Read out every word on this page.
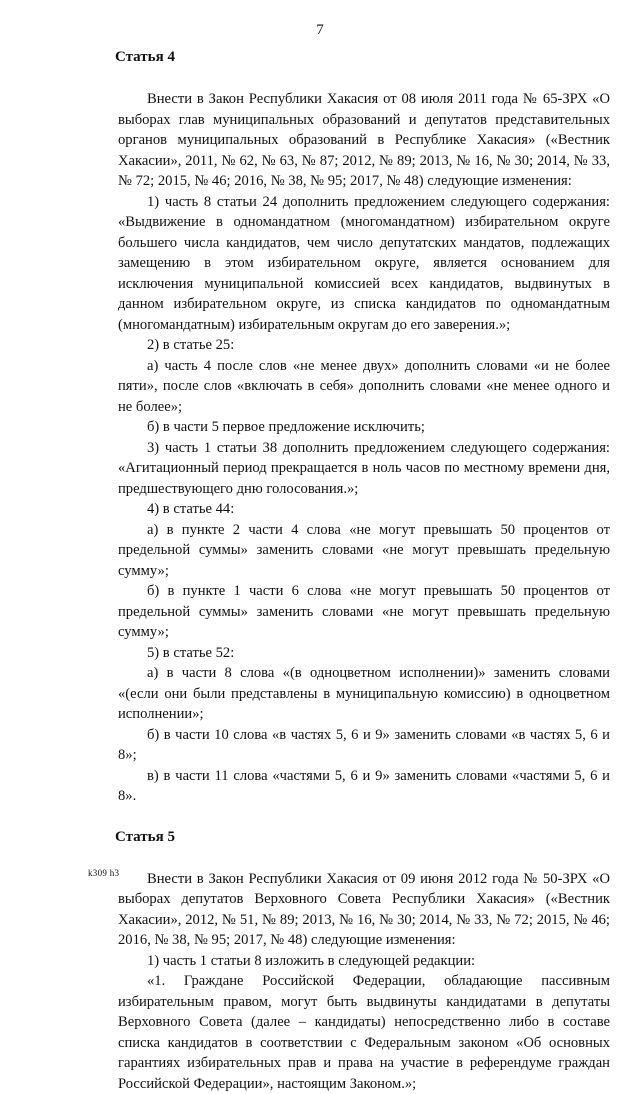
7
Статья 4

Внести в Закон Республики Хакасия от 08 июля 2011 года № 65-ЗРХ «О выборах глав муниципальных образований и депутатов представительных органов муниципальных образований в Республике Хакасия» («Вестник Хакасии», 2011, № 62, № 63, № 87; 2012, № 89; 2013, № 16, № 30; 2014, № 33, № 72; 2015, № 46; 2016, № 38, № 95; 2017, № 48) следующие изменения:

1) часть 8 статьи 24 дополнить предложением следующего содержания: «Выдвижение в одномандатном (многомандатном) избирательном округе большего числа кандидатов, чем число депутатских мандатов, подлежащих замещению в этом избирательном округе, является основанием для исключения муниципальной комиссией всех кандидатов, выдвинутых в данном избирательном округе, из списка кандидатов по одномандатным (многомандатным) избирательным округам до его заверения.»;

2) в статье 25:

а) часть 4 после слов «не менее двух» дополнить словами «и не более пяти», после слов «включать в себя» дополнить словами «не менее одного и не более»;

б) в части 5 первое предложение исключить;

3) часть 1 статьи 38 дополнить предложением следующего содержания: «Агитационный период прекращается в ноль часов по местному времени дня, предшествующего дню голосования.»;

4) в статье 44:

а) в пункте 2 части 4 слова «не могут превышать 50 процентов от предельной суммы» заменить словами «не могут превышать предельную сумму»;

б) в пункте 1 части 6 слова «не могут превышать 50 процентов от предельной суммы» заменить словами «не могут превышать предельную сумму»;

5) в статье 52:

а) в части 8 слова «(в одноцветном исполнении)» заменить словами «(если они были представлены в муниципальную комиссию) в одноцветном исполнении»;

б) в части 10 слова «в частях 5, 6 и 9» заменить словами «в частях 5, 6 и 8»;

в) в части 11 слова «частями 5, 6 и 9» заменить словами «частями 5, 6 и 8».

Статья 5

Внести в Закон Республики Хакасия от 09 июня 2012 года № 50-ЗРХ «О выборах депутатов Верховного Совета Республики Хакасия» («Вестник Хакасии», 2012, № 51, № 89; 2013, № 16, № 30; 2014, № 33, № 72; 2015, № 46; 2016, № 38, № 95; 2017, № 48) следующие изменения:

1) часть 1 статьи 8 изложить в следующей редакции:

«1. Граждане Российской Федерации, обладающие пассивным избирательным правом, могут быть выдвинуты кандидатами в депутаты Верховного Совета (далее – кандидаты) непосредственно либо в составе списка кандидатов в соответствии с Федеральным законом «Об основных гарантиях избирательных прав и права на участие в референдуме граждан Российской Федерации», настоящим Законом.»;

k309 h3
